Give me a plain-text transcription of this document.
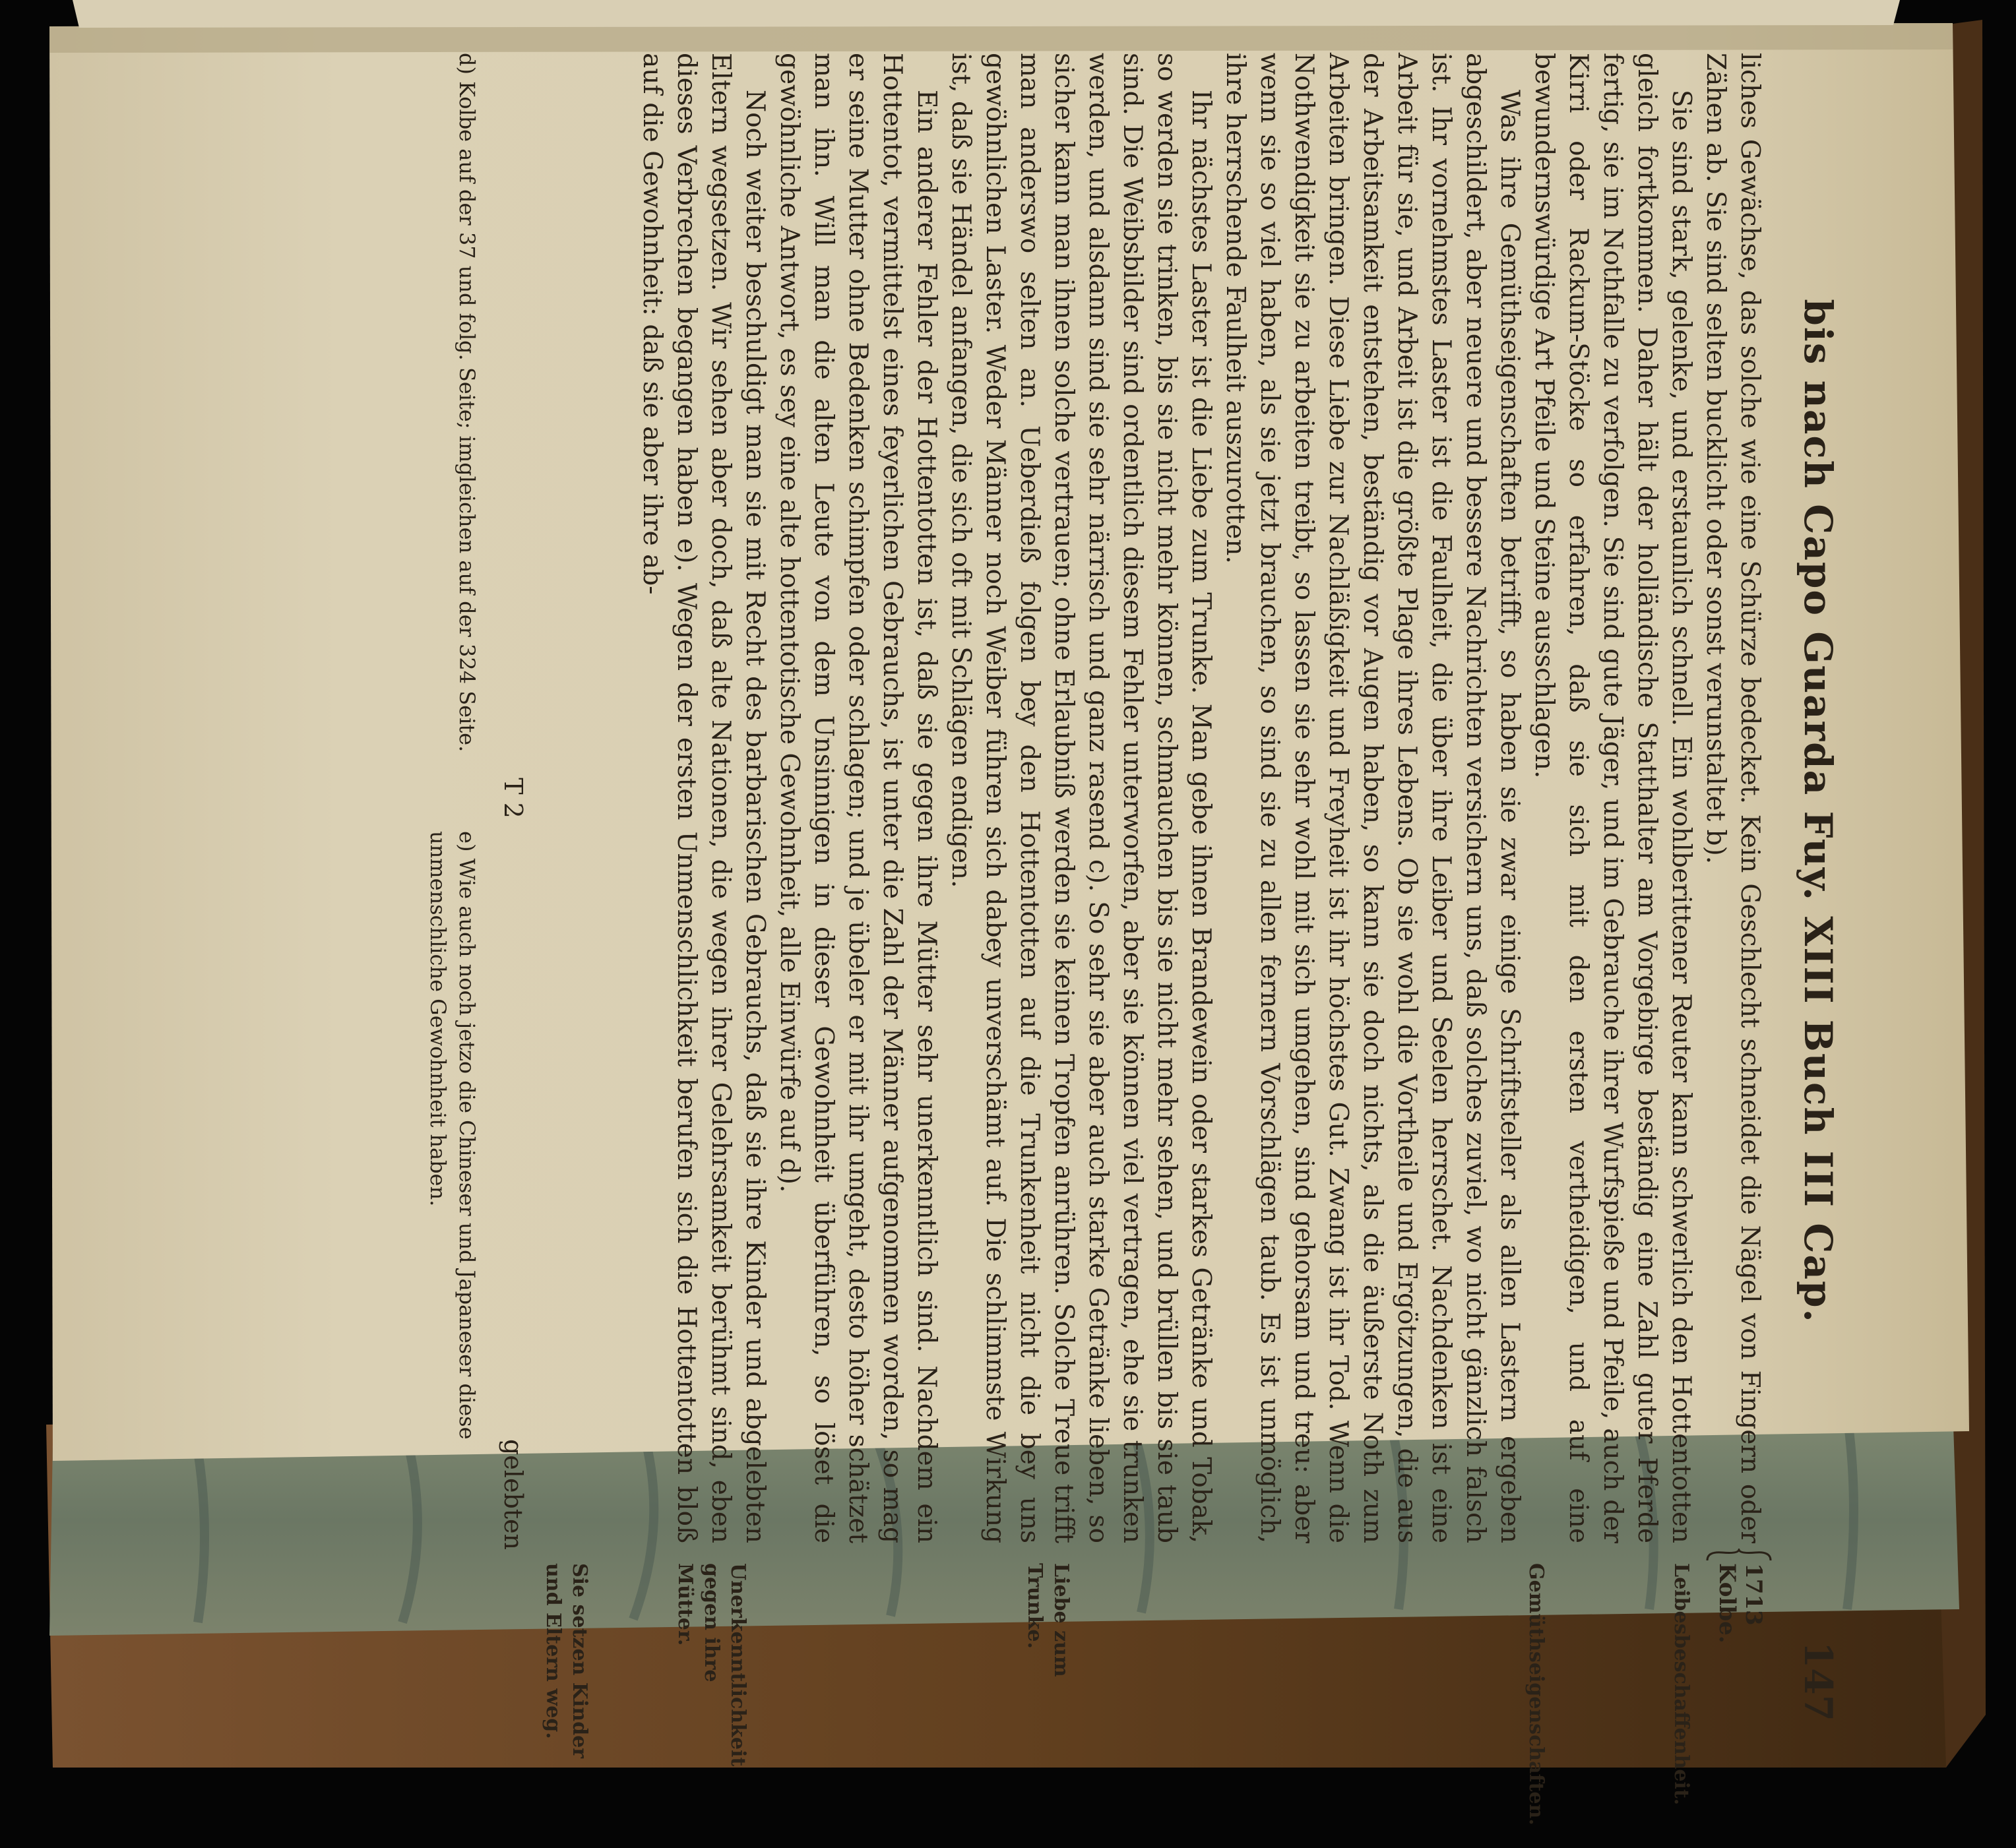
bis nach Capo Guarda Fuy. XIII Buch III Cap.
147

liches Gewächse, das solche wie eine Schürze bedecket. Kein Geschlecht schneidet die Nägel von Fingern oder Zähen ab. Sie sind selten bucklicht oder sonst verunstaltet b).

Sie sind stark, gelenke, und erstaunlich schnell. Ein wohlberittener Reuter kann schwerlich den Hottentotten gleich fortkommen. Daher hält der holländische Statthalter am Vorgebirge beständig eine Zahl guter Pferde fertig, sie im Nothfalle zu verfolgen. Sie sind gute Jäger, und im Gebrauche ihrer Wurfspieße und Pfeile, auch der Kirri oder Rackum-Stöcke so erfahren, daß sie sich mit den ersten vertheidigen, und auf eine bewundernswürdige Art Pfeile und Steine ausschlagen.

Was ihre Gemüthseigenschaften betrifft, so haben sie zwar einige Schriftsteller als allen Lastern ergeben abgeschildert, aber neuere und bessere Nachrichten versichern uns, daß solches zuviel, wo nicht gänzlich falsch ist. Ihr vornehmstes Laster ist die Faulheit, die über ihre Leiber und Seelen herrschet. Nachdenken ist eine Arbeit für sie, und Arbeit ist die größte Plage ihres Lebens. Ob sie wohl die Vortheile und Ergötzungen, die aus der Arbeitsamkeit entstehen, beständig vor Augen haben, so kann sie doch nichts, als die äußerste Noth zum Arbeiten bringen. Diese Liebe zur Nachläßigkeit und Freyheit ist ihr höchstes Gut. Zwang ist ihr Tod. Wenn die Nothwendigkeit sie zu arbeiten treibt, so lassen sie sehr wohl mit sich umgehen, sind gehorsam und treu: aber wenn sie so viel haben, als sie jetzt brauchen, so sind sie zu allen fernern Vorschlägen taub. Es ist unmöglich, ihre herrschende Faulheit auszurotten.

Ihr nächstes Laster ist die Liebe zum Trunke. Man gebe ihnen Brandewein oder starkes Getränke und Tobak, so werden sie trinken, bis sie nicht mehr können, schmauchen bis sie nicht mehr sehen, und brüllen bis sie taub sind. Die Weibsbilder sind ordentlich diesem Fehler unterworfen, aber sie können viel vertragen, ehe sie trunken werden, und alsdann sind sie sehr närrisch und ganz rasend c). So sehr sie aber auch starke Getränke lieben, so sicher kann man ihnen solche vertrauen; ohne Erlaubniß werden sie keinen Tropfen anrühren. Solche Treue trifft man anderswo selten an. Ueberdieß folgen bey den Hottentotten auf die Trunkenheit nicht die bey uns gewöhnlichen Laster. Weder Männer noch Weiber führen sich dabey unverschämt auf. Die schlimmste Wirkung ist, daß sie Händel anfangen, die sich oft mit Schlägen endigen.

Ein anderer Fehler der Hottentotten ist, daß sie gegen ihre Mütter sehr unerkenntlich sind. Nachdem ein Hottentot, vermittelst eines feyerlichen Gebrauchs, ist unter die Zahl der Männer aufgenommen worden, so mag er seine Mutter ohne Bedenken schimpfen oder schlagen; und je übeler er mit ihr umgeht, desto höher schätzet man ihn. Will man die alten Leute von dem Unsinnigen in dieser Gewohnheit überführen, so löset die gewöhnliche Antwort, es sey eine alte hottentotische Gewohnheit, alle Einwürfe auf d).

Noch weiter beschuldigt man sie mit Recht des barbarischen Gebrauchs, daß sie ihre Kinder und abgelebten Eltern wegsetzen. Wir sehen aber doch, daß alte Nationen, die wegen ihrer Gelehrsamkeit berühmt sind, eben dieses Verbrechen begangen haben e). Wegen der ersten Unmenschlichkeit berufen sich die Hottentotten bloß auf die Gewohnheit: daß sie aber ihre ab-

1713
Kolbe.
Leibesbeschaffenheit.
Gemüthseigenschaften.
Liebe zum Trunke.
Unerkenntlichkeit gegen ihre Mütter.
Sie setzen Kinder und Eltern weg.
T 2
gelebten
d) Kolbe auf der 37 und folg. Seite; imgleichen auf der 324 Seite.
e) Wie auch noch jetzo die Chineser und Japaneser diese unmenschliche Gewohnheit haben.
